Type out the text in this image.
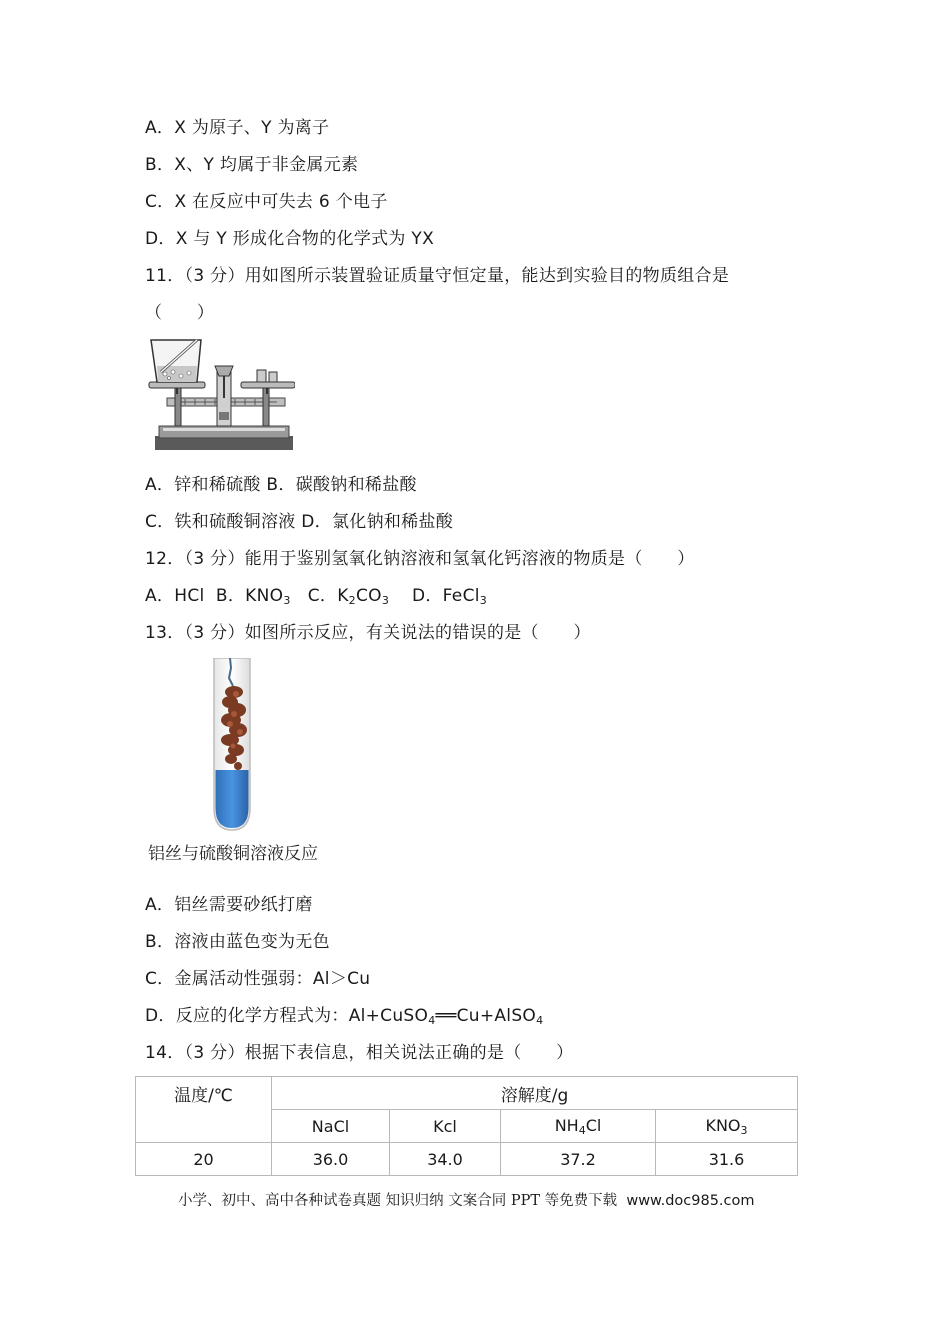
A．X 为原子、Y 为离子
B．X、Y 均属于非金属元素
C．X 在反应中可失去 6 个电子
D．X 与 Y 形成化合物的化学式为 YX
11．（3 分）用如图所示装置验证质量守恒定量，能达到实验目的物质组合是
（　　）
A．锌和稀硫酸 B．碳酸钠和稀盐酸
C．铁和硫酸铜溶液 D．氯化钠和稀盐酸
12．（3 分）能用于鉴别氢氧化钠溶液和氢氧化钙溶液的物质是（　　）
A．HCl  B．$KNO_3$   C．$K_2CO_3$    D．FeCl$_3$
13．（3 分）如图所示反应，有关说法的错误的是（　　）
铝丝与硫酸铜溶液反应
A．铝丝需要砂纸打磨
B．溶液由蓝色变为无色
C．金属活动性强弱：Al＞Cu
D．反应的化学方程式为：Al+CuSO$_4$══Cu+AlSO$_4$
14．（3 分）根据下表信息，相关说法正确的是（　　）
温度/℃	溶解度/g			
	NaCl	Kcl	$NH_4Cl$	$KNO_3$
20	36.0	34.0	37.2	31.6
小学、初中、高中各种试卷真题 知识归纳 文案合同 PPT 等免费下载 www.doc985.com
